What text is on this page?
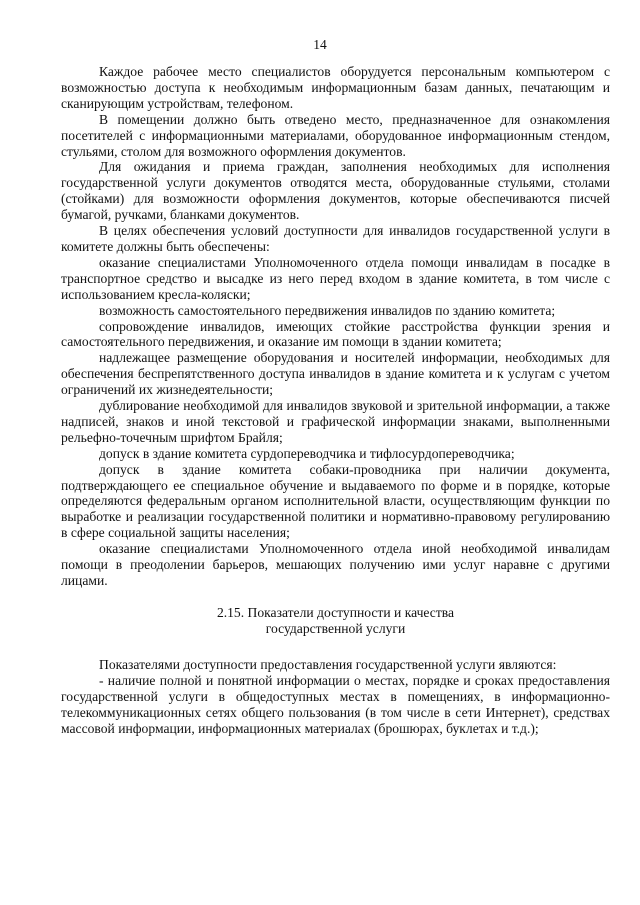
14

Каждое рабочее место специалистов оборудуется персональным компьютером с возможностью доступа к необходимым информационным базам данных, печатающим и сканирующим устройствам, телефоном.

В помещении должно быть отведено место, предназначенное для ознакомления посетителей с информационными материалами, оборудованное информационным стендом, стульями, столом для возможного оформления документов.

Для ожидания и приема граждан, заполнения необходимых для исполнения государственной услуги документов отводятся места, оборудованные стульями, столами (стойками) для возможности оформления документов, которые обеспечиваются писчей бумагой, ручками, бланками документов.

В целях обеспечения условий доступности для инвалидов государственной услуги в комитете должны быть обеспечены:

оказание специалистами Уполномоченного отдела помощи инвалидам в посадке в транспортное средство и высадке из него перед входом в здание комитета, в том числе с использованием кресла-коляски;

возможность самостоятельного передвижения инвалидов по зданию комитета;

сопровождение инвалидов, имеющих стойкие расстройства функции зрения и самостоятельного передвижения, и оказание им помощи в здании комитета;

надлежащее размещение оборудования и носителей информации, необходимых для обеспечения беспрепятственного доступа инвалидов в здание комитета и к услугам с учетом ограничений их жизнедеятельности;

дублирование необходимой для инвалидов звуковой и зрительной информации, а также надписей, знаков и иной текстовой и графической информации знаками, выполненными рельефно-точечным шрифтом Брайля;

допуск в здание комитета сурдопереводчика и тифлосурдопереводчика;

допуск в здание комитета собаки-проводника при наличии документа, подтверждающего ее специальное обучение и выдаваемого по форме и в порядке, которые определяются федеральным органом исполнительной власти, осуществляющим функции по выработке и реализации государственной политики и нормативно-правовому регулированию в сфере социальной защиты населения;

оказание специалистами Уполномоченного отдела иной необходимой инвалидам помощи в преодолении барьеров, мешающих получению ими услуг наравне с другими лицами.

2.15. Показатели доступности и качества
государственной услуги

Показателями доступности предоставления государственной услуги являются:

- наличие полной и понятной информации о местах, порядке и сроках предоставления государственной услуги в общедоступных местах в помещениях, в информационно-телекоммуникационных сетях общего пользования (в том числе в сети Интернет), средствах массовой информации, информационных материалах (брошюрах, буклетах и т.д.);
